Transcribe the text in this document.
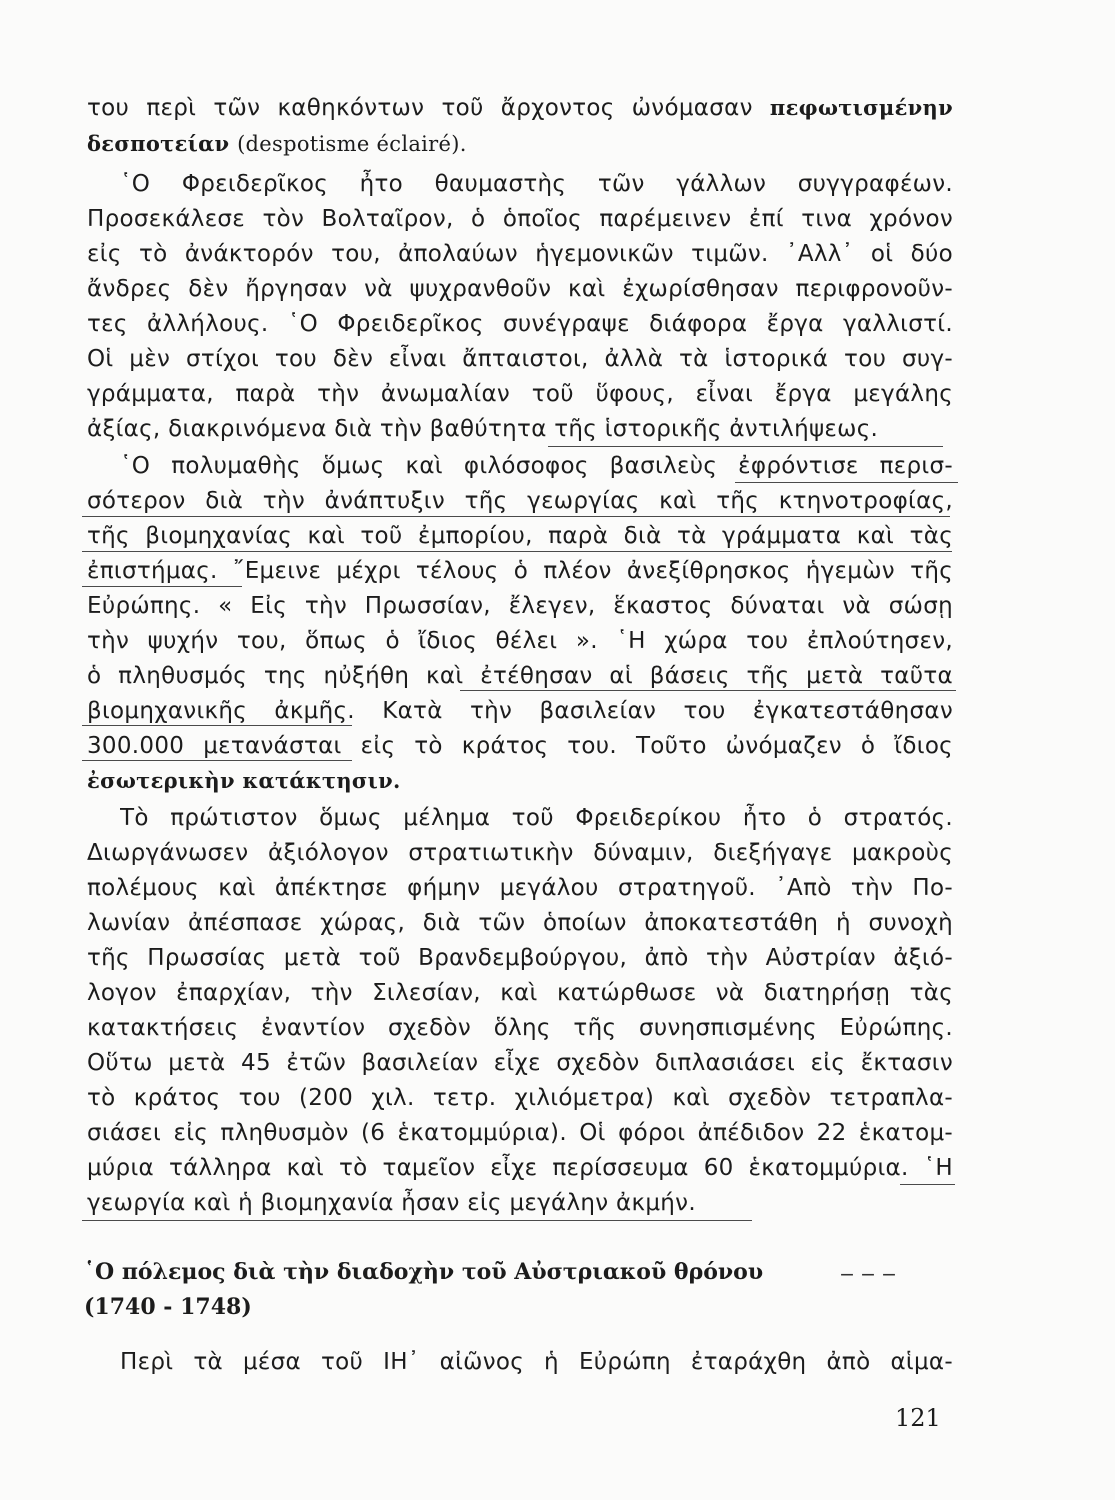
του περὶ τῶν καθηκόντων τοῦ ἄρχοντος ὠνόμασαν πεφωτισμένην
δεσποτείαν (despotisme éclairé).
῾Ο Φρειδερῖκος ἦτο θαυμαστὴς τῶν γάλλων συγγραφέων.
Προσεκάλεσε τὸν Βολταῖρον, ὁ ὁποῖος παρέμεινεν ἐπί τινα χρόνον
εἰς τὸ ἀνάκτορόν του, ἀπολαύων ἡγεμονικῶν τιμῶν. ᾿Αλλ᾿ οἱ δύο
ἄνδρες δὲν ἤργησαν νὰ ψυχρανθοῦν καὶ ἐχωρίσθησαν περιφρονοῦν-
τες ἀλλήλους. ῾Ο Φρειδερῖκος συνέγραψε διάφορα ἔργα γαλλιστί.
Οἱ μὲν στίχοι του δὲν εἶναι ἄπταιστοι, ἀλλὰ τὰ ἱστορικά του συγ-
γράμματα, παρὰ τὴν ἀνωμαλίαν τοῦ ὕφους, εἶναι ἔργα μεγάλης
ἀξίας, διακρινόμενα διὰ τὴν βαθύτητα τῆς ἱστορικῆς ἀντιλήψεως.
῾Ο πολυμαθὴς ὅμως καὶ φιλόσοφος βασιλεὺς ἐφρόντισε περισ-
σότερον διὰ τὴν ἀνάπτυξιν τῆς γεωργίας καὶ τῆς κτηνοτροφίας,
τῆς βιομηχανίας καὶ τοῦ ἐμπορίου, παρὰ διὰ τὰ γράμματα καὶ τὰς
ἐπιστήμας. ῎Εμεινε μέχρι τέλους ὁ πλέον ἀνεξίθρησκος ἡγεμὼν τῆς
Εὐρώπης. « Εἰς τὴν Πρωσσίαν, ἔλεγεν, ἕκαστος δύναται νὰ σώσῃ
τὴν ψυχήν του, ὅπως ὁ ἴδιος θέλει ». ῾Η χώρα του ἐπλούτησεν,
ὁ πληθυσμός της ηὐξήθη καὶ ἐτέθησαν αἱ βάσεις τῆς μετὰ ταῦτα
βιομηχανικῆς ἀκμῆς. Κατὰ τὴν βασιλείαν του ἐγκατεστάθησαν
300.000 μετανάσται εἰς τὸ κράτος του. Τοῦτο ὠνόμαζεν ὁ ἴδιος
ἐσωτερικὴν κατάκτησιν.
Τὸ πρώτιστον ὅμως μέλημα τοῦ Φρειδερίκου ἦτο ὁ στρατός.
Διωργάνωσεν ἀξιόλογον στρατιωτικὴν δύναμιν, διεξήγαγε μακροὺς
πολέμους καὶ ἀπέκτησε φήμην μεγάλου στρατηγοῦ. ᾿Απὸ τὴν Πο-
λωνίαν ἀπέσπασε χώρας, διὰ τῶν ὁποίων ἀποκατεστάθη ἡ συνοχὴ
τῆς Πρωσσίας μετὰ τοῦ Βρανδεμβούργου, ἀπὸ τὴν Αὐστρίαν ἀξιό-
λογον ἐπαρχίαν, τὴν Σιλεσίαν, καὶ κατώρθωσε νὰ διατηρήσῃ τὰς
κατακτήσεις ἐναντίον σχεδὸν ὅλης τῆς συνησπισμένης Εὐρώπης.
Οὕτω μετὰ 45 ἐτῶν βασιλείαν εἶχε σχεδὸν διπλασιάσει εἰς ἔκτασιν
τὸ κράτος του (200 χιλ. τετρ. χιλιόμετρα) καὶ σχεδὸν τετραπλα-
σιάσει εἰς πληθυσμὸν (6 ἑκατομμύρια). Οἱ φόροι ἀπέδιδον 22 ἑκατομ-
μύρια τάλληρα καὶ τὸ ταμεῖον εἶχε περίσσευμα 60 ἑκατομμύρια. ῾Η
γεωργία καὶ ἡ βιομηχανία ἦσαν εἰς μεγάλην ἀκμήν.
῾Ο πόλεμος διὰ τὴν διαδοχὴν τοῦ Αὐστριακοῦ θρόνου	‒ ‒ ‒
(1740 - 1748)
Περὶ τὰ μέσα τοῦ ΙΗ᾿ αἰῶνος ἡ Εὐρώπη ἐταράχθη ἀπὸ αἱμα-
121
